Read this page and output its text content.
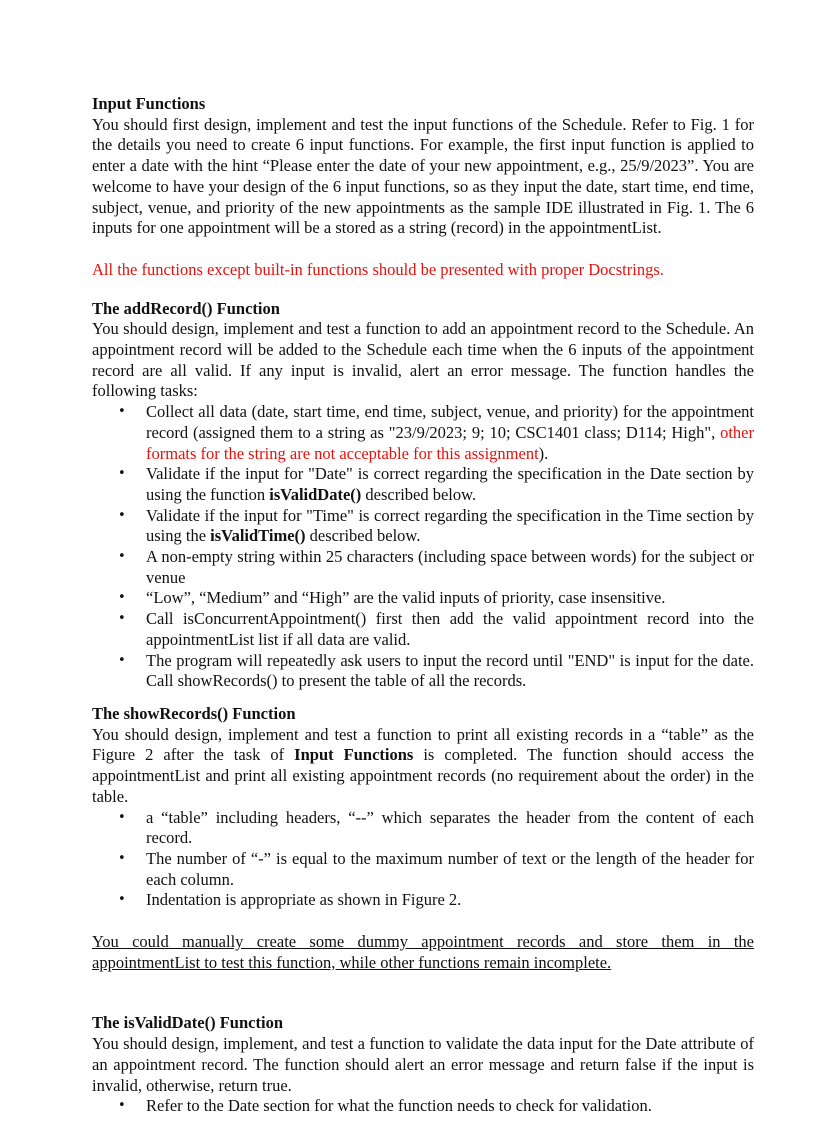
Input Functions

You should first design, implement and test the input functions of the Schedule. Refer to Fig. 1 for the details you need to create 6 input functions. For example, the first input function is applied to enter a date with the hint “Please enter the date of your new appointment, e.g., 25/9/2023”. You are welcome to have your design of the 6 input functions, so as they input the date, start time, end time, subject, venue, and priority of the new appointments as the sample IDE illustrated in Fig. 1. The 6 inputs for one appointment will be a stored as a string (record) in the appointmentList.

All the functions except built-in functions should be presented with proper Docstrings.

The addRecord() Function

You should design, implement and test a function to add an appointment record to the Schedule. An appointment record will be added to the Schedule each time when the 6 inputs of the appointment record are all valid. If any input is invalid, alert an error message. The function handles the following tasks:

• Collect all data (date, start time, end time, subject, venue, and priority) for the appointment record (assigned them to a string as "23/9/2023; 9; 10; CSC1401 class; D114; High", other formats for the string are not acceptable for this assignment).
• Validate if the input for "Date" is correct regarding the specification in the Date section by using the function isValidDate() described below.
• Validate if the input for "Time" is correct regarding the specification in the Time section by using the isValidTime() described below.
• A non-empty string within 25 characters (including space between words) for the subject or venue
• “Low”, “Medium” and “High” are the valid inputs of priority, case insensitive.
• Call isConcurrentAppointment() first then add the valid appointment record into the appointmentList list if all data are valid.
• The program will repeatedly ask users to input the record until "END" is input for the date. Call showRecords() to present the table of all the records.
The showRecords() Function

You should design, implement and test a function to print all existing records in a “table” as the Figure 2 after the task of Input Functions is completed. The function should access the appointmentList and print all existing appointment records (no requirement about the order) in the table.

• a “table” including headers, “--” which separates the header from the content of each record.
• The number of “-” is equal to the maximum number of text or the length of the header for each column.
• Indentation is appropriate as shown in Figure 2.

You could manually create some dummy appointment records and store them in the appointmentList to test this function, while other functions remain incomplete.

The isValidDate() Function

You should design, implement, and test a function to validate the data input for the Date attribute of an appointment record. The function should alert an error message and return false if the input is invalid, otherwise, return true.

• Refer to the Date section for what the function needs to check for validation.
